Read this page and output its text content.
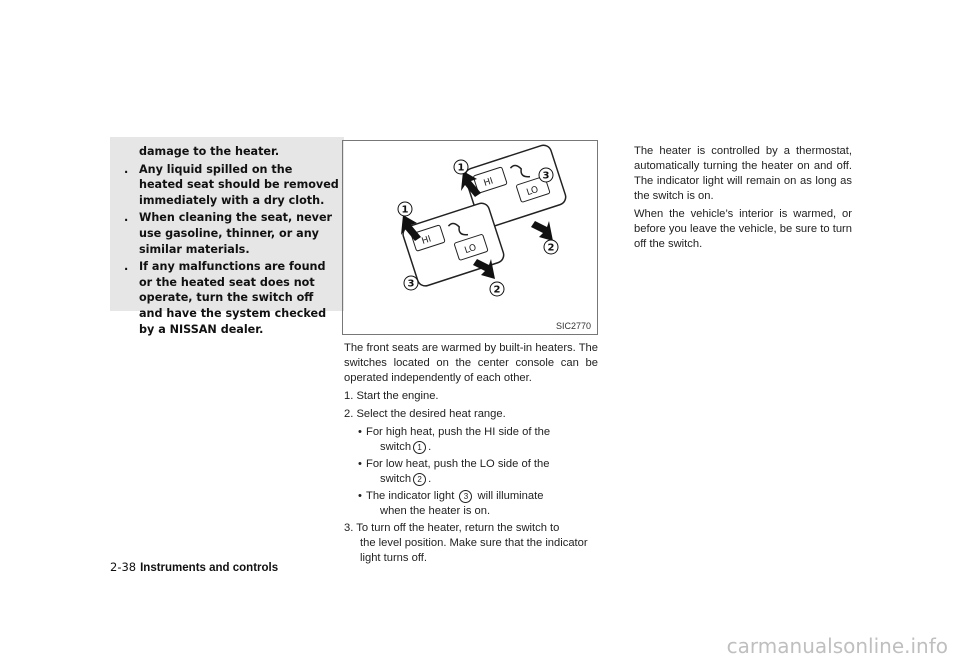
damage to the heater.

. Any liquid spilled on the heated seat should be removed immediately with a dry cloth.

. When cleaning the seat, never use gasoline, thinner, or any similar materials.

. If any malfunctions are found or the heated seat does not operate, turn the switch off and have the system checked by a NISSAN dealer.

HI
LO
HI
LO
1
1
2
2
3
3
SIC2770

The front seats are warmed by built-in heaters. The switches located on the center console can be operated independently of each other.

1. Start the engine.

2. Select the desired heat range.

• For high heat, push the HI side of the
switch 1 .
• For low heat, push the LO side of the
switch 2 .
• The indicator light 3 will illuminate
when the heater is on.
3. To turn off the heater, return the switch to
the level position. Make sure that the indicator light turns off.

The heater is controlled by a thermostat, automatically turning the heater on and off. The indicator light will remain on as long as the switch is on.

When the vehicle’s interior is warmed, or before you leave the vehicle, be sure to turn off the switch.

2-38 Instruments and controls
carmanualsonline.info
